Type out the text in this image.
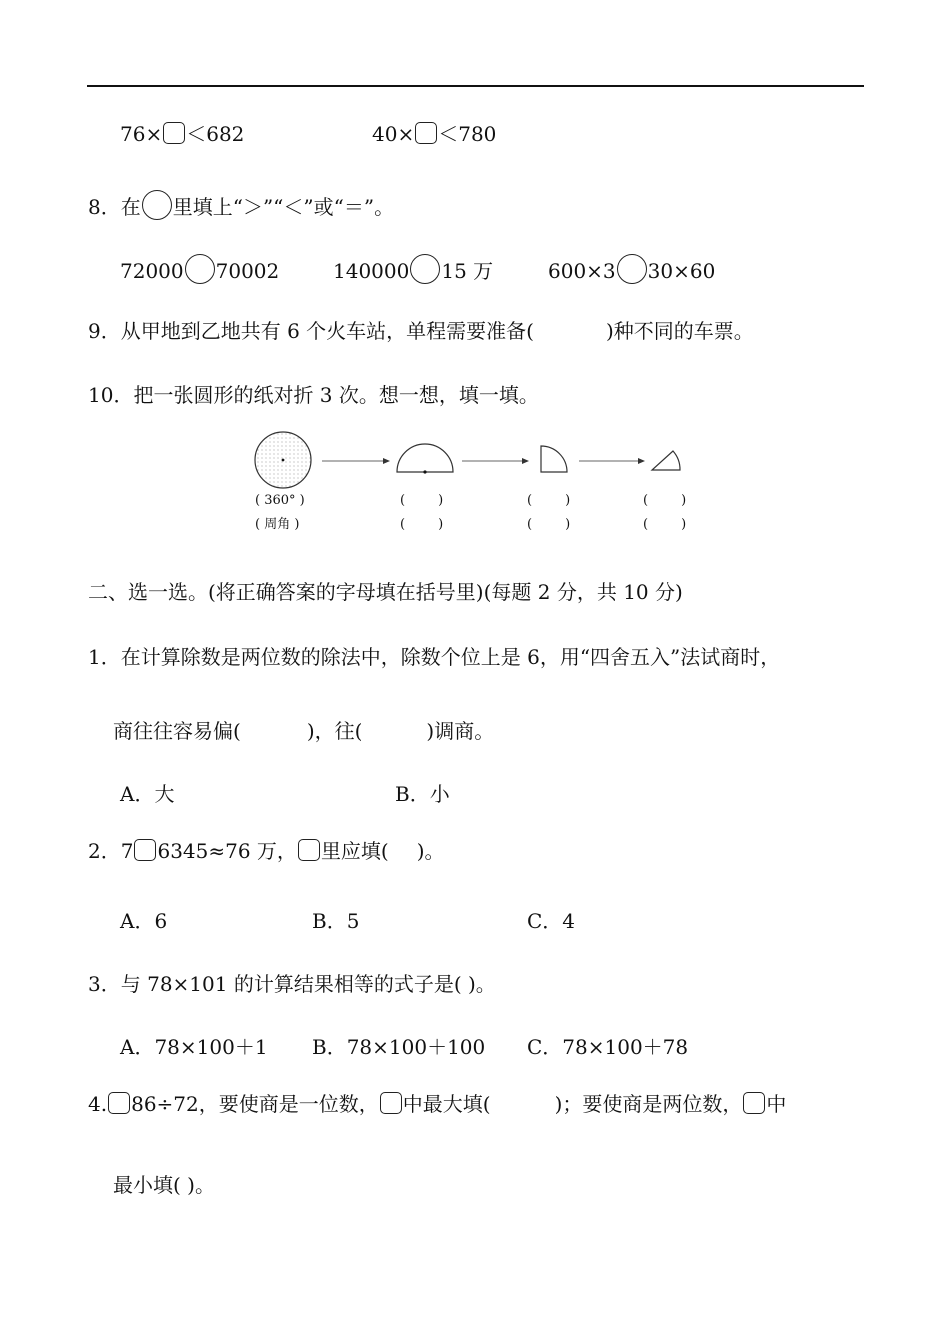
76× ＜682	40× ＜780
8．在 里填上“＞”“＜”或“＝”。
72000 70002	140000 15 万	600×3 30×60
9．从甲地到乙地共有 6 个火车站，单程需要准备(	)种不同的车票。
10．把一张圆形的纸对折 3 次。想一想，填一填。
( 360° )	(        )	(        )	(        )
( 周角 )	(        )	(        )	(        )
二、选一选。(将正确答案的字母填在括号里)(每题 2 分，共 10 分)
1．在计算除数是两位数的除法中，除数个位上是 6，用“四舍五入”法试商时，
商往往容易偏(	)，往(	)调商。
A．大	B．小
2．7 6345≈76 万， 里应填( )。
A．6	B．5	C．4
3．与 78×101 的计算结果相等的式子是( )。
A．78×100＋1 B．78×100＋100 C．78×100＋78
4. 86÷72，要使商是一位数， 中最大填(	)；要使商是两位数， 中
最小填( )。
